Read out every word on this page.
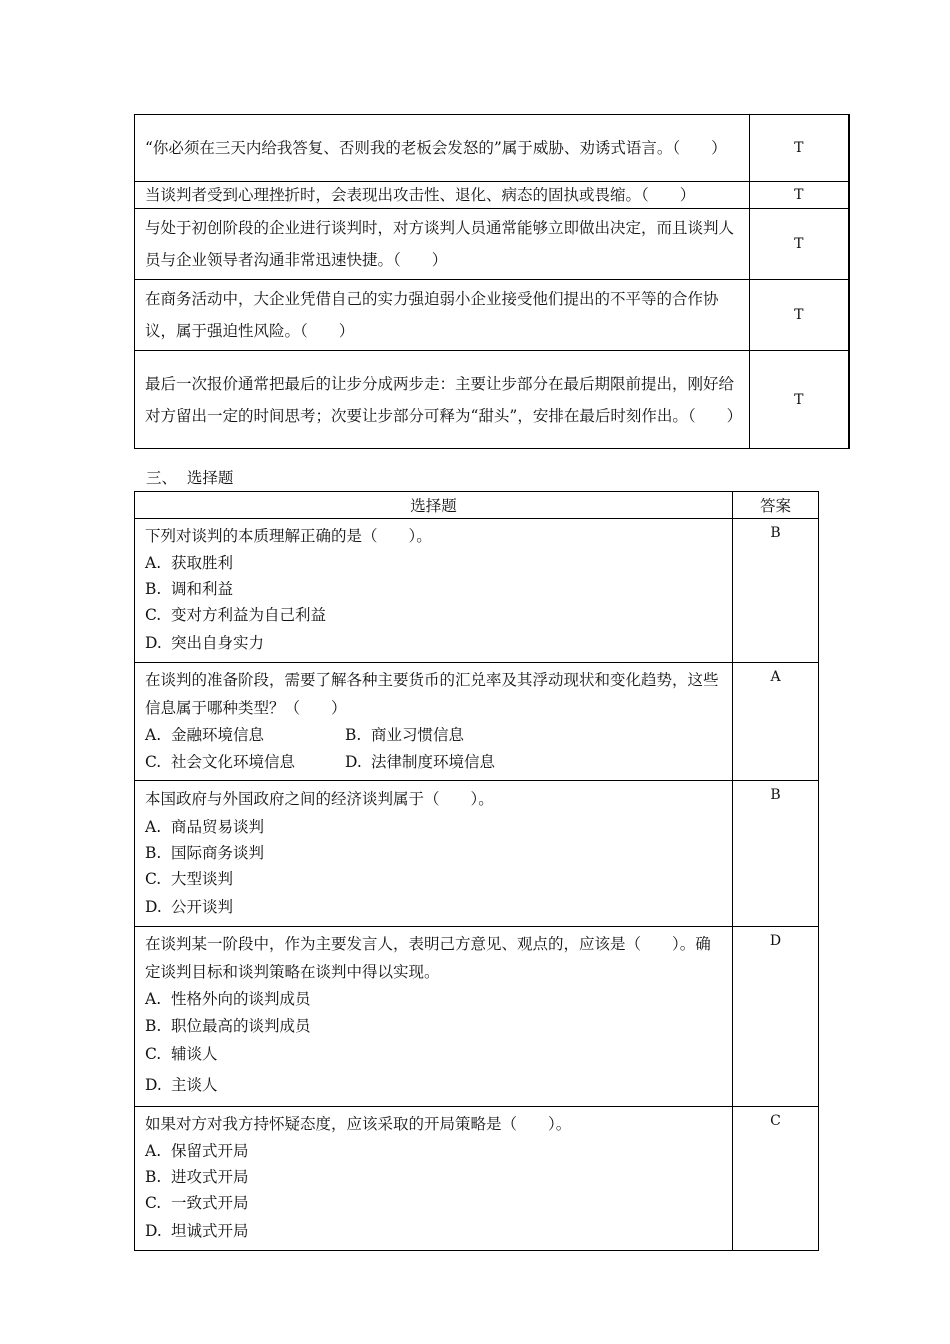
“你必须在三天内给我答复、否则我的老板会发怒的”属于威胁、劝诱式语言。（　　）	T
当谈判者受到心理挫折时，会表现出攻击性、退化、病态的固执或畏缩。（　　）	T
与处于初创阶段的企业进行谈判时，对方谈判人员通常能够立即做出决定，而且谈判人员与企业领导者沟通非常迅速快捷。（　　）	T
在商务活动中，大企业凭借自己的实力强迫弱小企业接受他们提出的不平等的合作协议，属于强迫性风险。（　　）	T
最后一次报价通常把最后的让步分成两步走：主要让步部分在最后期限前提出，刚好给对方留出一定的时间思考；次要让步部分可释为“甜头”，安排在最后时刻作出。（　　）	T
三、 选择题
选择题	答案

下列对谈判的本质理解正确的是（　　）。
A. 获取胜利
B. 调和利益
C. 变对方利益为自己利益
D. 突出自身实力	B

在谈判的准备阶段，需要了解各种主要货币的汇兑率及其浮动现状和变化趋势，这些信息属于哪种类型？（　　）
A. 金融环境信息 B. 商业习惯信息
C. 社会文化环境信息 D. 法律制度环境信息	A

本国政府与外国政府之间的经济谈判属于（　　）。
A. 商品贸易谈判
B. 国际商务谈判
C. 大型谈判
D. 公开谈判	B

在谈判某一阶段中，作为主要发言人，表明己方意见、观点的，应该是（　　）。确定谈判目标和谈判策略在谈判中得以实现。
A. 性格外向的谈判成员
B. 职位最高的谈判成员
C. 辅谈人
D. 主谈人	D

如果对方对我方持怀疑态度，应该采取的开局策略是（　　）。
A. 保留式开局
B. 进攻式开局
C. 一致式开局
D. 坦诚式开局	C
